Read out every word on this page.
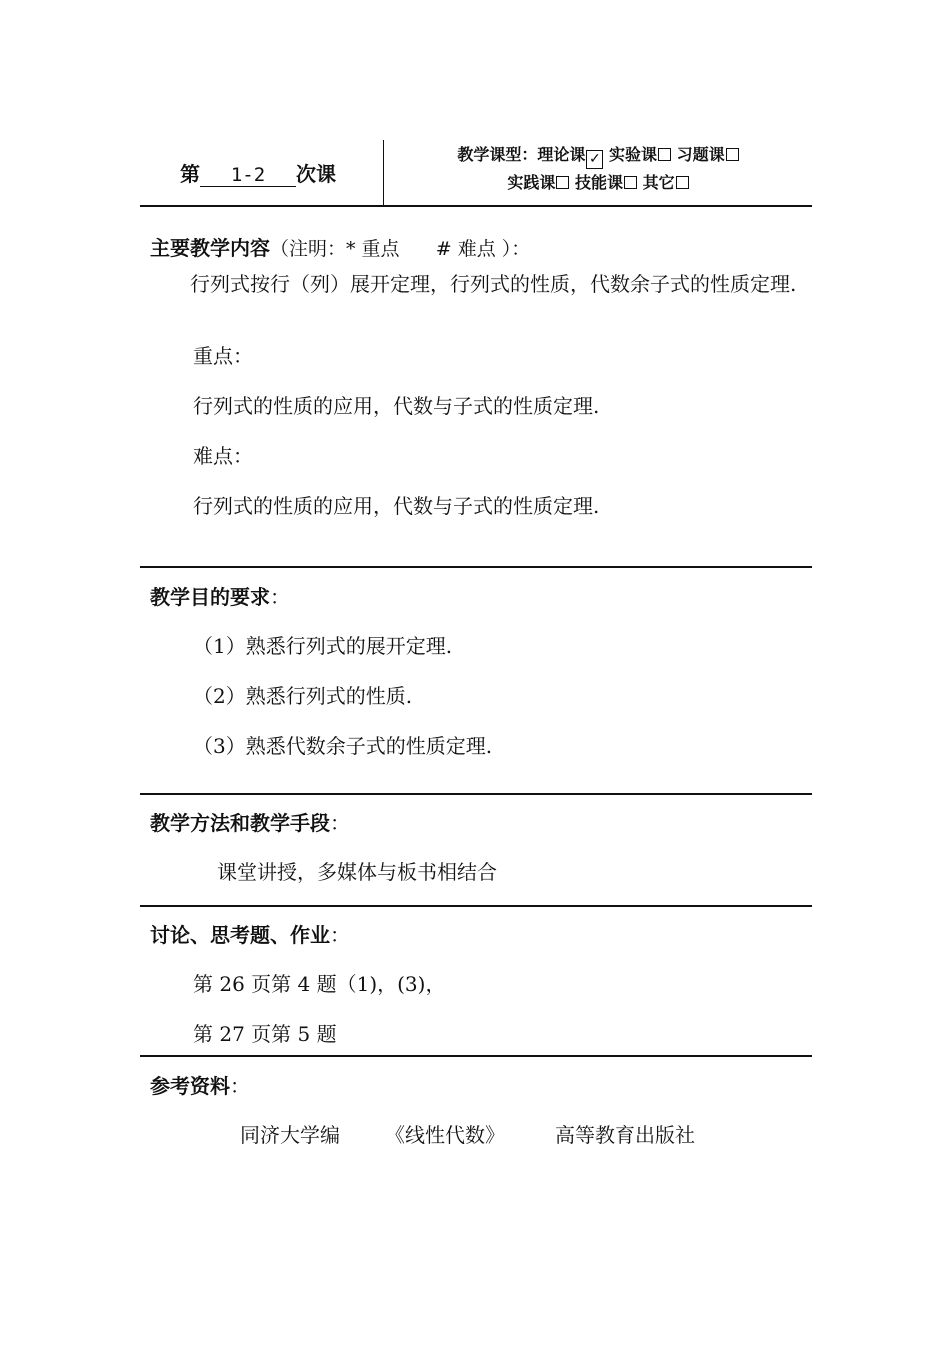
第 1-2 次课
教学课型：理论课 ✓ 实验课 习题课
实践课 技能课 其它
主要教学内容（注明：* 重点      # 难点 ）：
行列式按行（列）展开定理，行列式的性质，代数余子式的性质定理.
重点：
行列式的性质的应用，代数与子式的性质定理.
难点：
行列式的性质的应用，代数与子式的性质定理.
教学目的要求：
（1）熟悉行列式的展开定理.
（2）熟悉行列式的性质.
（3）熟悉代数余子式的性质定理.
教学方法和教学手段：
课堂讲授，多媒体与板书相结合
讨论、思考题、作业：
第 26 页第 4 题（1)，(3)，
第 27 页第 5 题
参考资料：
同济大学编 《线性代数》	高等教育出版社
